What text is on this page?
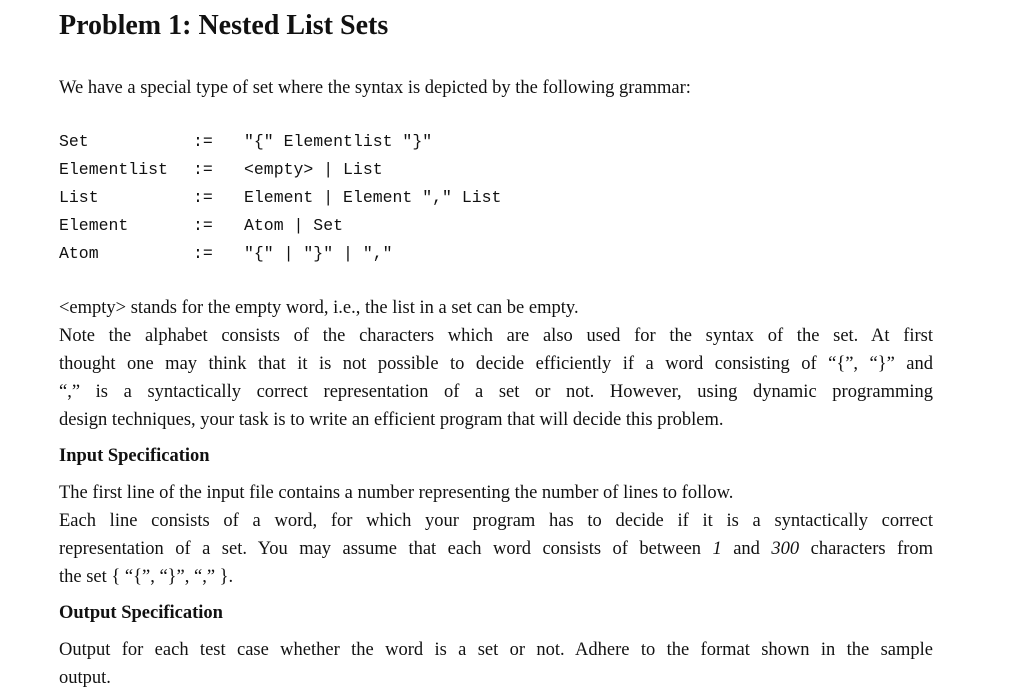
Problem 1: Nested List Sets
We have a special type of set where the syntax is depicted by the following grammar:
Set	:= "{" Elementlist "}"
Elementlist := <empty> | List
List	:= Element | Element "," List
Element	:= Atom | Set
Atom	:= "{" | "}" | ","
<empty> stands for the empty word, i.e., the list in a set can be empty.
Note the alphabet consists of the characters which are also used for the syntax of the set. At first
thought one may think that it is not possible to decide efficiently if a word consisting of “{”, “}” and
“,” is a syntactically correct representation of a set or not. However, using dynamic programming
design techniques, your task is to write an efficient program that will decide this problem.
Input Specification
The first line of the input file contains a number representing the number of lines to follow.
Each line consists of a word, for which your program has to decide if it is a syntactically correct
representation of a set. You may assume that each word consists of between 1 and 300 characters from
the set { “{”, “}”, “,” }.
Output Specification
Output for each test case whether the word is a set or not. Adhere to the format shown in the sample
output.
